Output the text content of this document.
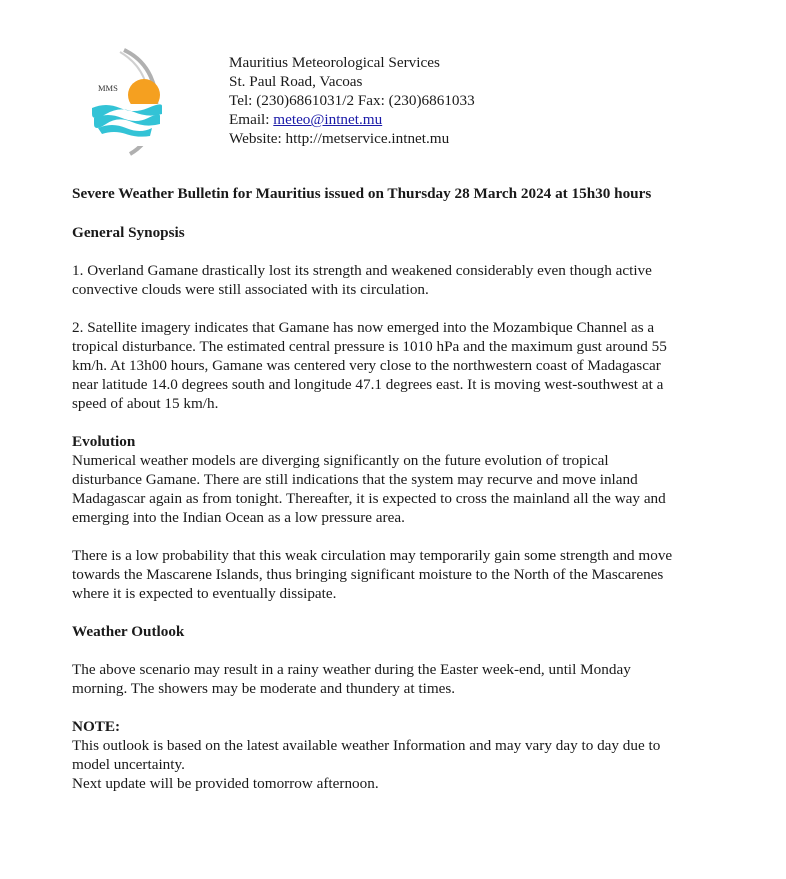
MMS
Mauritius Meteorological Services
St. Paul Road, Vacoas
Tel: (230)6861031/2 Fax: (230)6861033
Email: meteo@intnet.mu
Website: http://metservice.intnet.mu

Severe Weather Bulletin for Mauritius issued on Thursday 28 March 2024 at 15h30 hours

General Synopsis

1. Overland Gamane drastically lost its strength and weakened considerably even though active
convective clouds were still associated with its circulation.

2. Satellite imagery indicates that Gamane has now emerged into the Mozambique Channel as a
tropical disturbance. The estimated central pressure is 1010 hPa and the maximum gust around 55
km/h. At 13h00 hours, Gamane was centered very close to the northwestern coast of Madagascar
near latitude 14.0 degrees south and longitude 47.1 degrees east. It is moving west-southwest at a
speed of about 15 km/h.

Evolution

Numerical weather models are diverging significantly on the future evolution of tropical
disturbance Gamane. There are still indications that the system may recurve and move inland
Madagascar again as from tonight. Thereafter, it is expected to cross the mainland all the way and
emerging into the Indian Ocean as a low pressure area.

There is a low probability that this weak circulation may temporarily gain some strength and move
towards the Mascarene Islands, thus bringing significant moisture to the North of the Mascarenes
where it is expected to eventually dissipate.

Weather Outlook

The above scenario may result in a rainy weather during the Easter week-end, until Monday
morning. The showers may be moderate and thundery at times.

NOTE:

This outlook is based on the latest available weather Information and may vary day to day due to
model uncertainty.
Next update will be provided tomorrow afternoon.
